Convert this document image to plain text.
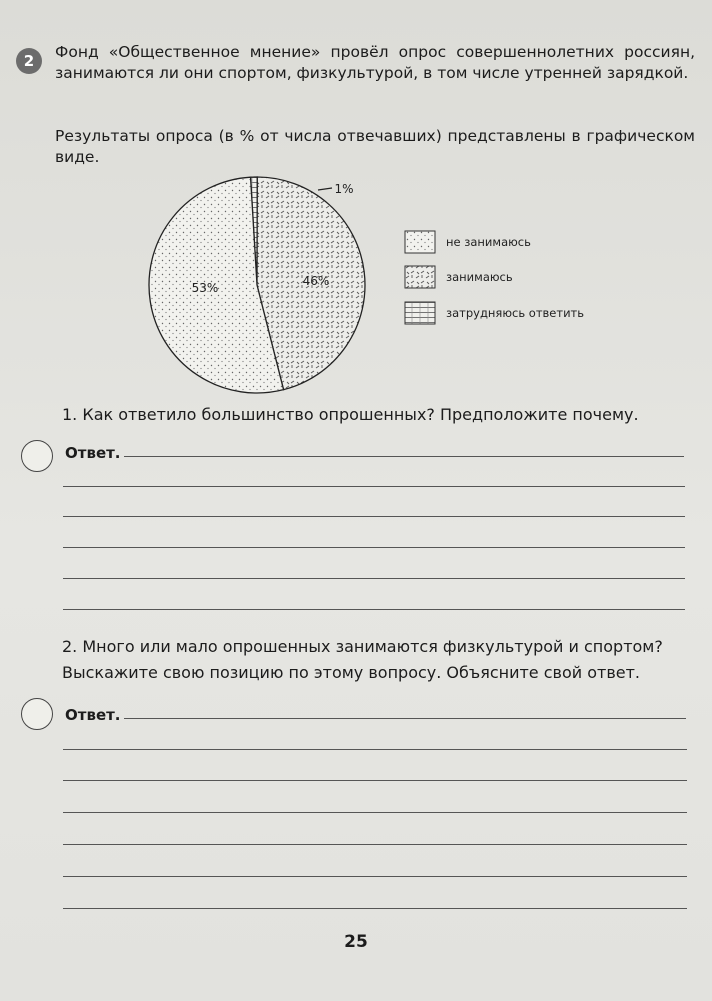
2	Фонд «Общественное мнение» провёл опрос совершеннолетних россиян, занимаются ли они спортом, физкультурой, в том числе утренней зарядкой.
Результаты опроса (в % от числа отвечавших) представлены в графическом виде.
53%	46%
1%
не занимаюсь
занимаюсь
затрудняюсь ответить
1. Как ответило большинство опрошенных? Предположите почему.
Ответ.
2. Много или мало опрошенных занимаются физкультурой и спортом? Выскажите свою позицию по этому вопросу. Объясните свой ответ.
Ответ.
25
